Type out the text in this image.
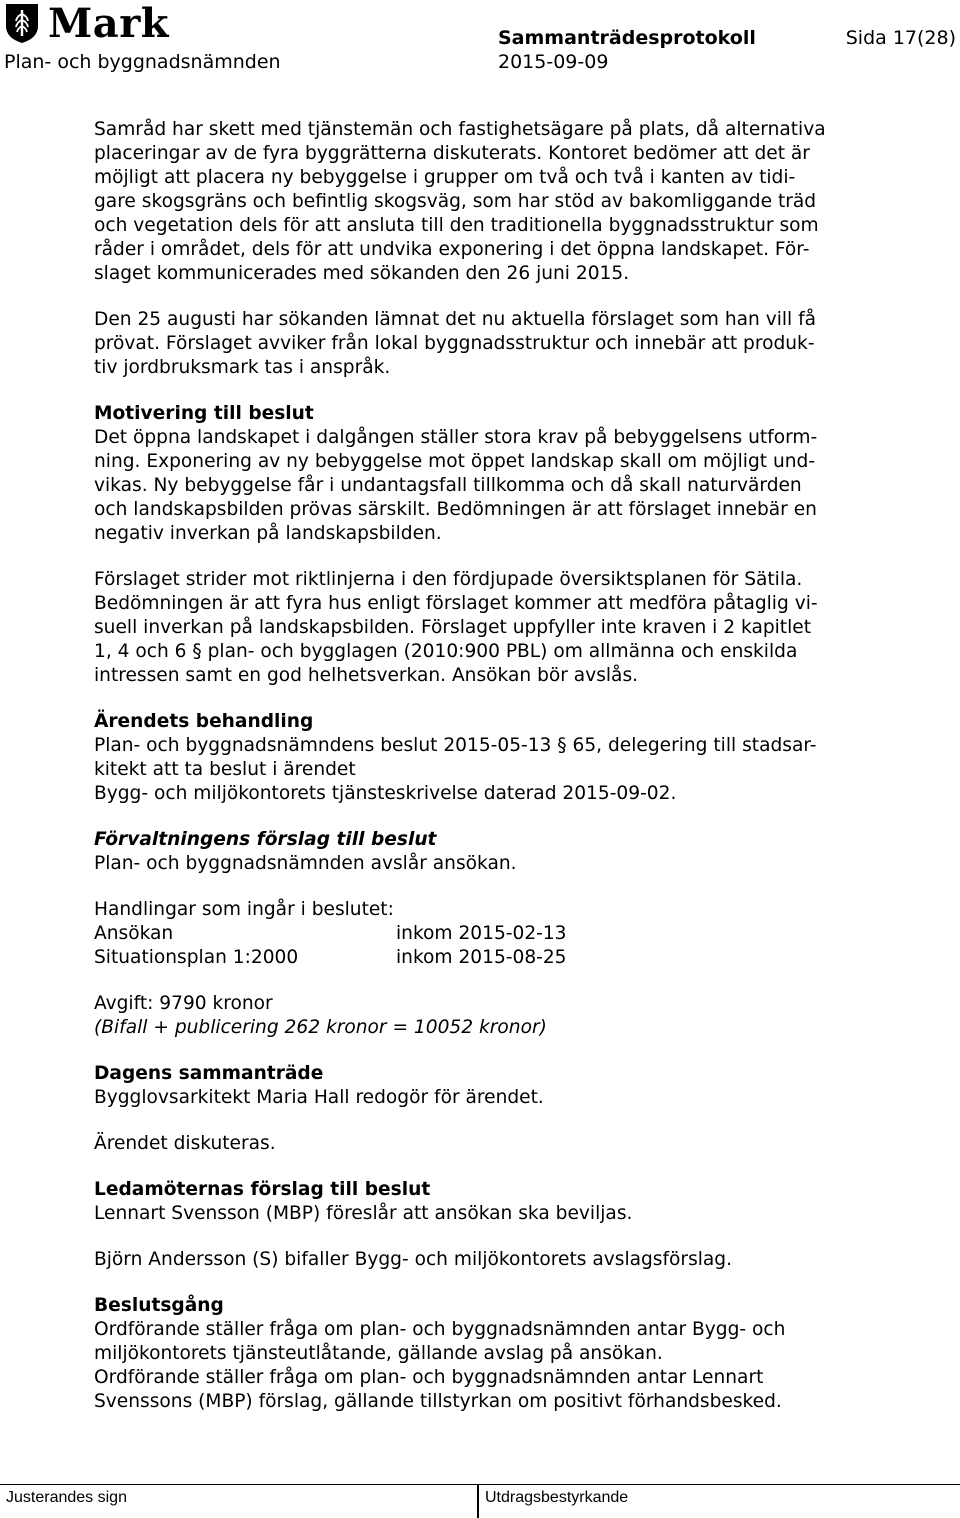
Mark
Plan- och byggnadsnämnden
Sammanträdesprotokoll	Sida 17(28)
2015-09-09

Samråd har skett med tjänstemän och fastighetsägare på plats, då alternativa
placeringar av de fyra byggrätterna diskuterats. Kontoret bedömer att det är
möjligt att placera ny bebyggelse i grupper om två och två i kanten av tidi-
gare skogsgräns och befintlig skogsväg, som har stöd av bakomliggande träd
och vegetation dels för att ansluta till den traditionella byggnadsstruktur som
råder i området, dels för att undvika exponering i det öppna landskapet. För-
slaget kommunicerades med sökanden den 26 juni 2015.

Den 25 augusti har sökanden lämnat det nu aktuella förslaget som han vill få
prövat. Förslaget avviker från lokal byggnadsstruktur och innebär att produk-
tiv jordbruksmark tas i anspråk.

Motivering till beslut

Det öppna landskapet i dalgången ställer stora krav på bebyggelsens utform-
ning. Exponering av ny bebyggelse mot öppet landskap skall om möjligt und-
vikas. Ny bebyggelse får i undantagsfall tillkomma och då skall naturvärden
och landskapsbilden prövas särskilt. Bedömningen är att förslaget innebär en
negativ inverkan på landskapsbilden.

Förslaget strider mot riktlinjerna i den fördjupade översiktsplanen för Sätila.
Bedömningen är att fyra hus enligt förslaget kommer att medföra påtaglig vi-
suell inverkan på landskapsbilden. Förslaget uppfyller inte kraven i 2 kapitlet
1, 4 och 6 § plan- och bygglagen (2010:900 PBL) om allmänna och enskilda
intressen samt en god helhetsverkan. Ansökan bör avslås.

Ärendets behandling

Plan- och byggnadsnämndens beslut 2015-05-13 § 65, delegering till stadsar-
kitekt att ta beslut i ärendet
Bygg- och miljökontorets tjänsteskrivelse daterad 2015-09-02.

Förvaltningens förslag till beslut

Plan- och byggnadsnämnden avslår ansökan.

Handlingar som ingår i beslutet:

Ansökan	inkom 2015-02-13
Situationsplan 1:2000	inkom 2015-08-25

Avgift: 9790 kronor

(Bifall + publicering 262 kronor = 10052 kronor)

Dagens sammanträde

Bygglovsarkitekt Maria Hall redogör för ärendet.

Ärendet diskuteras.

Ledamöternas förslag till beslut

Lennart Svensson (MBP) föreslår att ansökan ska beviljas.

Björn Andersson (S) bifaller Bygg- och miljökontorets avslagsförslag.

Beslutsgång

Ordförande ställer fråga om plan- och byggnadsnämnden antar Bygg- och
miljökontorets tjänsteutlåtande, gällande avslag på ansökan.
Ordförande ställer fråga om plan- och byggnadsnämnden antar Lennart
Svenssons (MBP) förslag, gällande tillstyrkan om positivt förhandsbesked.

Justerandes sign	Utdragsbestyrkande
